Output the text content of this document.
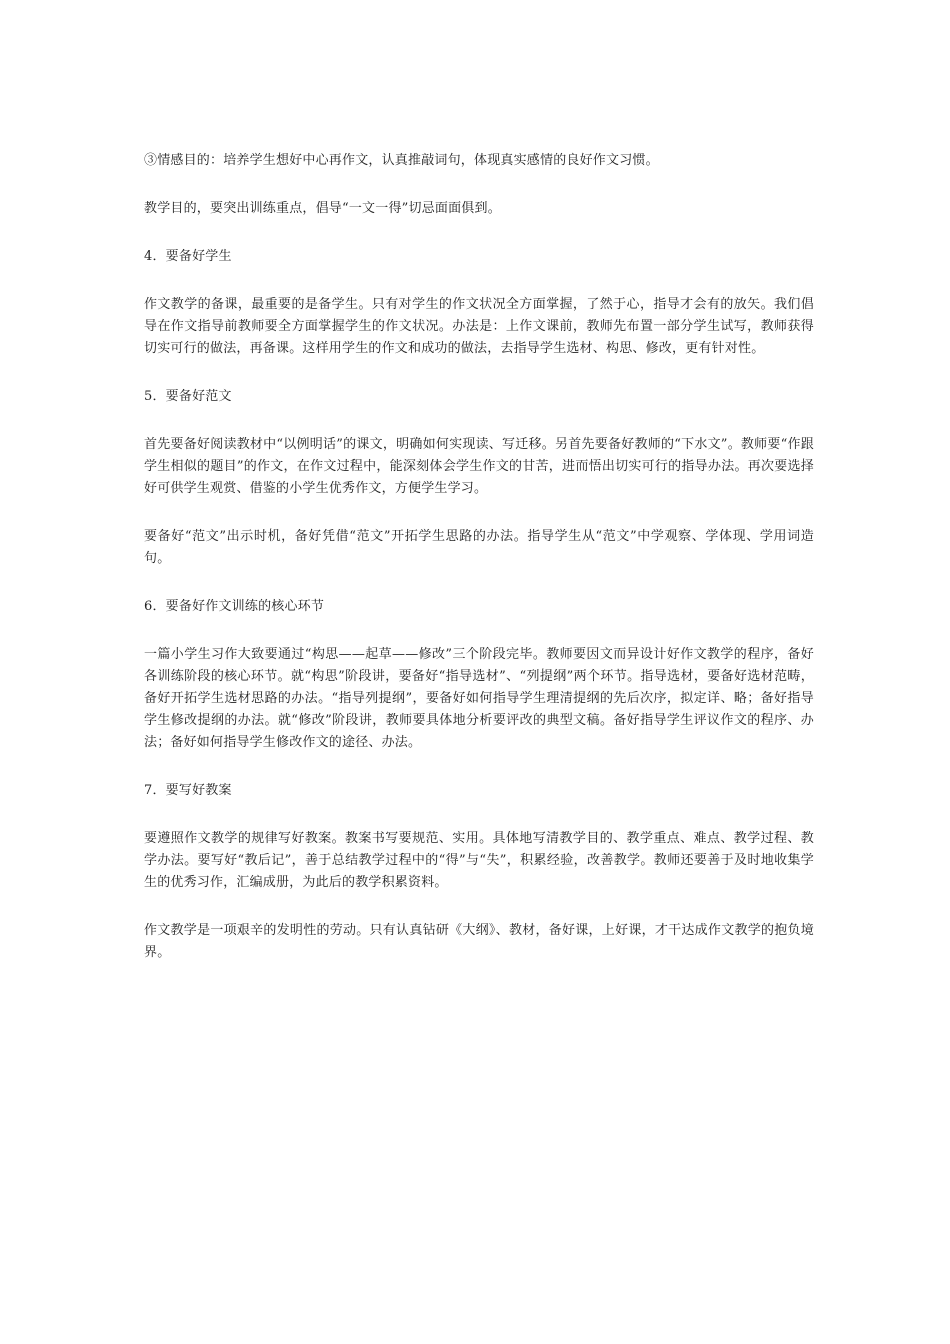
③情感目的：培养学生想好中心再作文，认真推敲词句，体现真实感情的良好作文习惯。

教学目的，要突出训练重点，倡导“一文一得”切忌面面俱到。

4．要备好学生

作文教学的备课，最重要的是备学生。只有对学生的作文状况全方面掌握，了然于心，指导才会有的放矢。我们倡导在作文指导前教师要全方面掌握学生的作文状况。办法是：上作文课前，教师先布置一部分学生试写，教师获得切实可行的做法，再备课。这样用学生的作文和成功的做法，去指导学生选材、构思、修改，更有针对性。

5．要备好范文

首先要备好阅读教材中“以例明话”的课文，明确如何实现读、写迁移。另首先要备好教师的“下水文”。教师要“作跟学生相似的题目”的作文，在作文过程中，能深刻体会学生作文的甘苦，进而悟出切实可行的指导办法。再次要选择好可供学生观赏、借鉴的小学生优秀作文，方便学生学习。

要备好“范文”出示时机，备好凭借“范文”开拓学生思路的办法。指导学生从“范文”中学观察、学体现、学用词造句。

6．要备好作文训练的核心环节

一篇小学生习作大致要通过“构思——起草——修改”三个阶段完毕。教师要因文而异设计好作文教学的程序，备好各训练阶段的核心环节。就“构思”阶段讲，要备好“指导选材”、“列提纲”两个环节。指导选材，要备好选材范畴，备好开拓学生选材思路的办法。“指导列提纲”，要备好如何指导学生理清提纲的先后次序，拟定详、略；备好指导学生修改提纲的办法。就“修改”阶段讲，教师要具体地分析要评改的典型文稿。备好指导学生评议作文的程序、办法；备好如何指导学生修改作文的途径、办法。

7．要写好教案

要遵照作文教学的规律写好教案。教案书写要规范、实用。具体地写清教学目的、教学重点、难点、教学过程、教学办法。要写好“教后记”，善于总结教学过程中的“得”与“失”，积累经验，改善教学。教师还要善于及时地收集学生的优秀习作，汇编成册，为此后的教学积累资料。

作文教学是一项艰辛的发明性的劳动。只有认真钻研《大纲》、教材，备好课，上好课，才干达成作文教学的抱负境界。
